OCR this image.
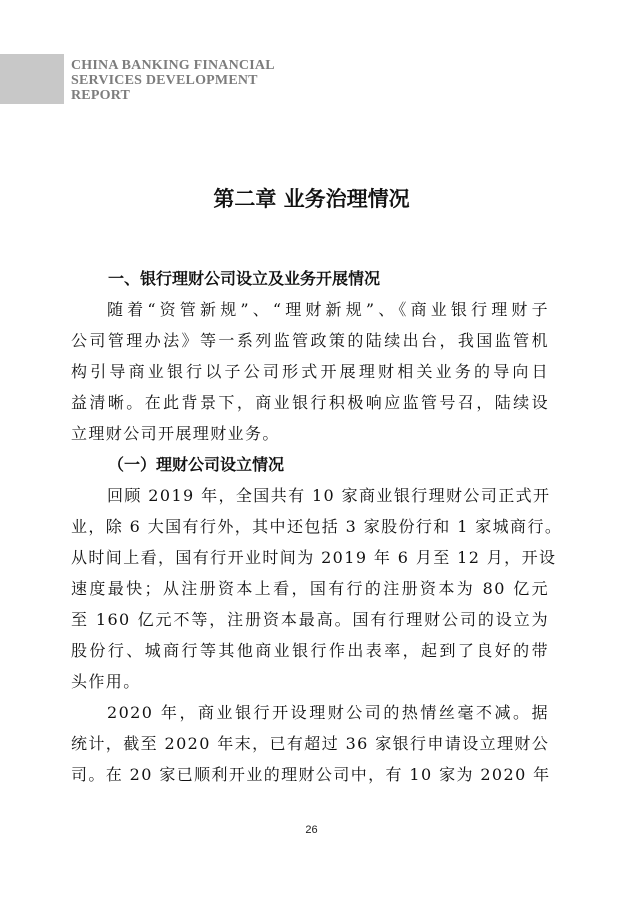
CHINA BANKING FINANCIAL
SERVICES DEVELOPMENT
REPORT
第二章 业务治理情况
一、银行理财公司设立及业务开展情况
随着“资管新规”、“理财新规”、《商业银行理财子
公司管理办法》等一系列监管政策的陆续出台，我国监管机
构引导商业银行以子公司形式开展理财相关业务的导向日
益清晰。在此背景下，商业银行积极响应监管号召，陆续设
立理财公司开展理财业务。
（一）理财公司设立情况
回顾 2019 年，全国共有 10 家商业银行理财公司正式开
业，除 6 大国有行外，其中还包括 3 家股份行和 1 家城商行。
从时间上看，国有行开业时间为 2019 年 6 月至 12 月，开设
速度最快；从注册资本上看，国有行的注册资本为 80 亿元
至 160 亿元不等，注册资本最高。国有行理财公司的设立为
股份行、城商行等其他商业银行作出表率，起到了良好的带
头作用。
2020 年，商业银行开设理财公司的热情丝毫不减。据
统计，截至 2020 年末，已有超过 36 家银行申请设立理财公
司。在 20 家已顺利开业的理财公司中，有 10 家为 2020 年
26
